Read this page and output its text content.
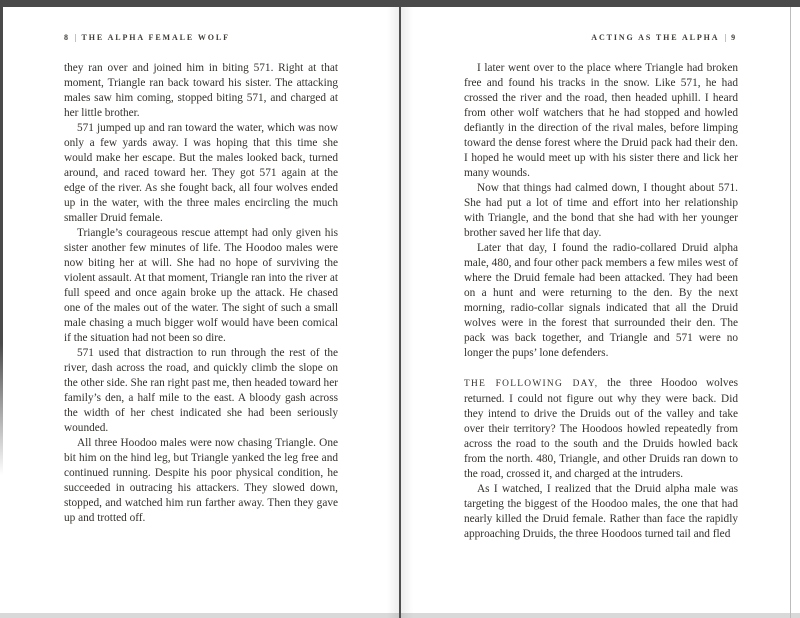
8 | THE ALPHA FEMALE WOLF

they ran over and joined him in biting 571. Right at that moment, Triangle ran back toward his sister. The attacking males saw him coming, stopped biting 571, and charged at her little brother.

571 jumped up and ran toward the water, which was now only a few yards away. I was hoping that this time she would make her escape. But the males looked back, turned around, and raced toward her. They got 571 again at the edge of the river. As she fought back, all four wolves ended up in the water, with the three males encircling the much smaller Druid female.

Triangle’s courageous rescue attempt had only given his sister another few minutes of life. The Hoodoo males were now biting her at will. She had no hope of surviving the violent assault. At that moment, Triangle ran into the river at full speed and once again broke up the attack. He chased one of the males out of the water. The sight of such a small male chasing a much bigger wolf would have been comical if the situation had not been so dire.

571 used that distraction to run through the rest of the river, dash across the road, and quickly climb the slope on the other side. She ran right past me, then headed toward her family’s den, a half mile to the east. A bloody gash across the width of her chest indicated she had been seriously wounded.

All three Hoodoo males were now chasing Triangle. One bit him on the hind leg, but Triangle yanked the leg free and continued running. Despite his poor physical condition, he succeeded in outracing his attackers. They slowed down, stopped, and watched him run farther away. Then they gave up and trotted off.

ACTING AS THE ALPHA | 9

I later went over to the place where Triangle had broken free and found his tracks in the snow. Like 571, he had crossed the river and the road, then headed uphill. I heard from other wolf watchers that he had stopped and howled defiantly in the direction of the rival males, before limping toward the dense forest where the Druid pack had their den. I hoped he would meet up with his sister there and lick her many wounds.

Now that things had calmed down, I thought about 571. She had put a lot of time and effort into her relationship with Triangle, and the bond that she had with her younger brother saved her life that day.

Later that day, I found the radio-collared Druid alpha male, 480, and four other pack members a few miles west of where the Druid female had been attacked. They had been on a hunt and were returning to the den. By the next morning, radio-collar signals indicated that all the Druid wolves were in the forest that surrounded their den. The pack was back together, and Triangle and 571 were no longer the pups’ lone defenders.

THE FOLLOWING DAY, the three Hoodoo wolves returned. I could not figure out why they were back. Did they intend to drive the Druids out of the valley and take over their territory? The Hoodoos howled repeatedly from across the road to the south and the Druids howled back from the north. 480, Triangle, and other Druids ran down to the road, crossed it, and charged at the intruders.

As I watched, I realized that the Druid alpha male was targeting the biggest of the Hoodoo males, the one that had nearly killed the Druid female. Rather than face the rapidly approaching Druids, the three Hoodoos turned tail and fled
